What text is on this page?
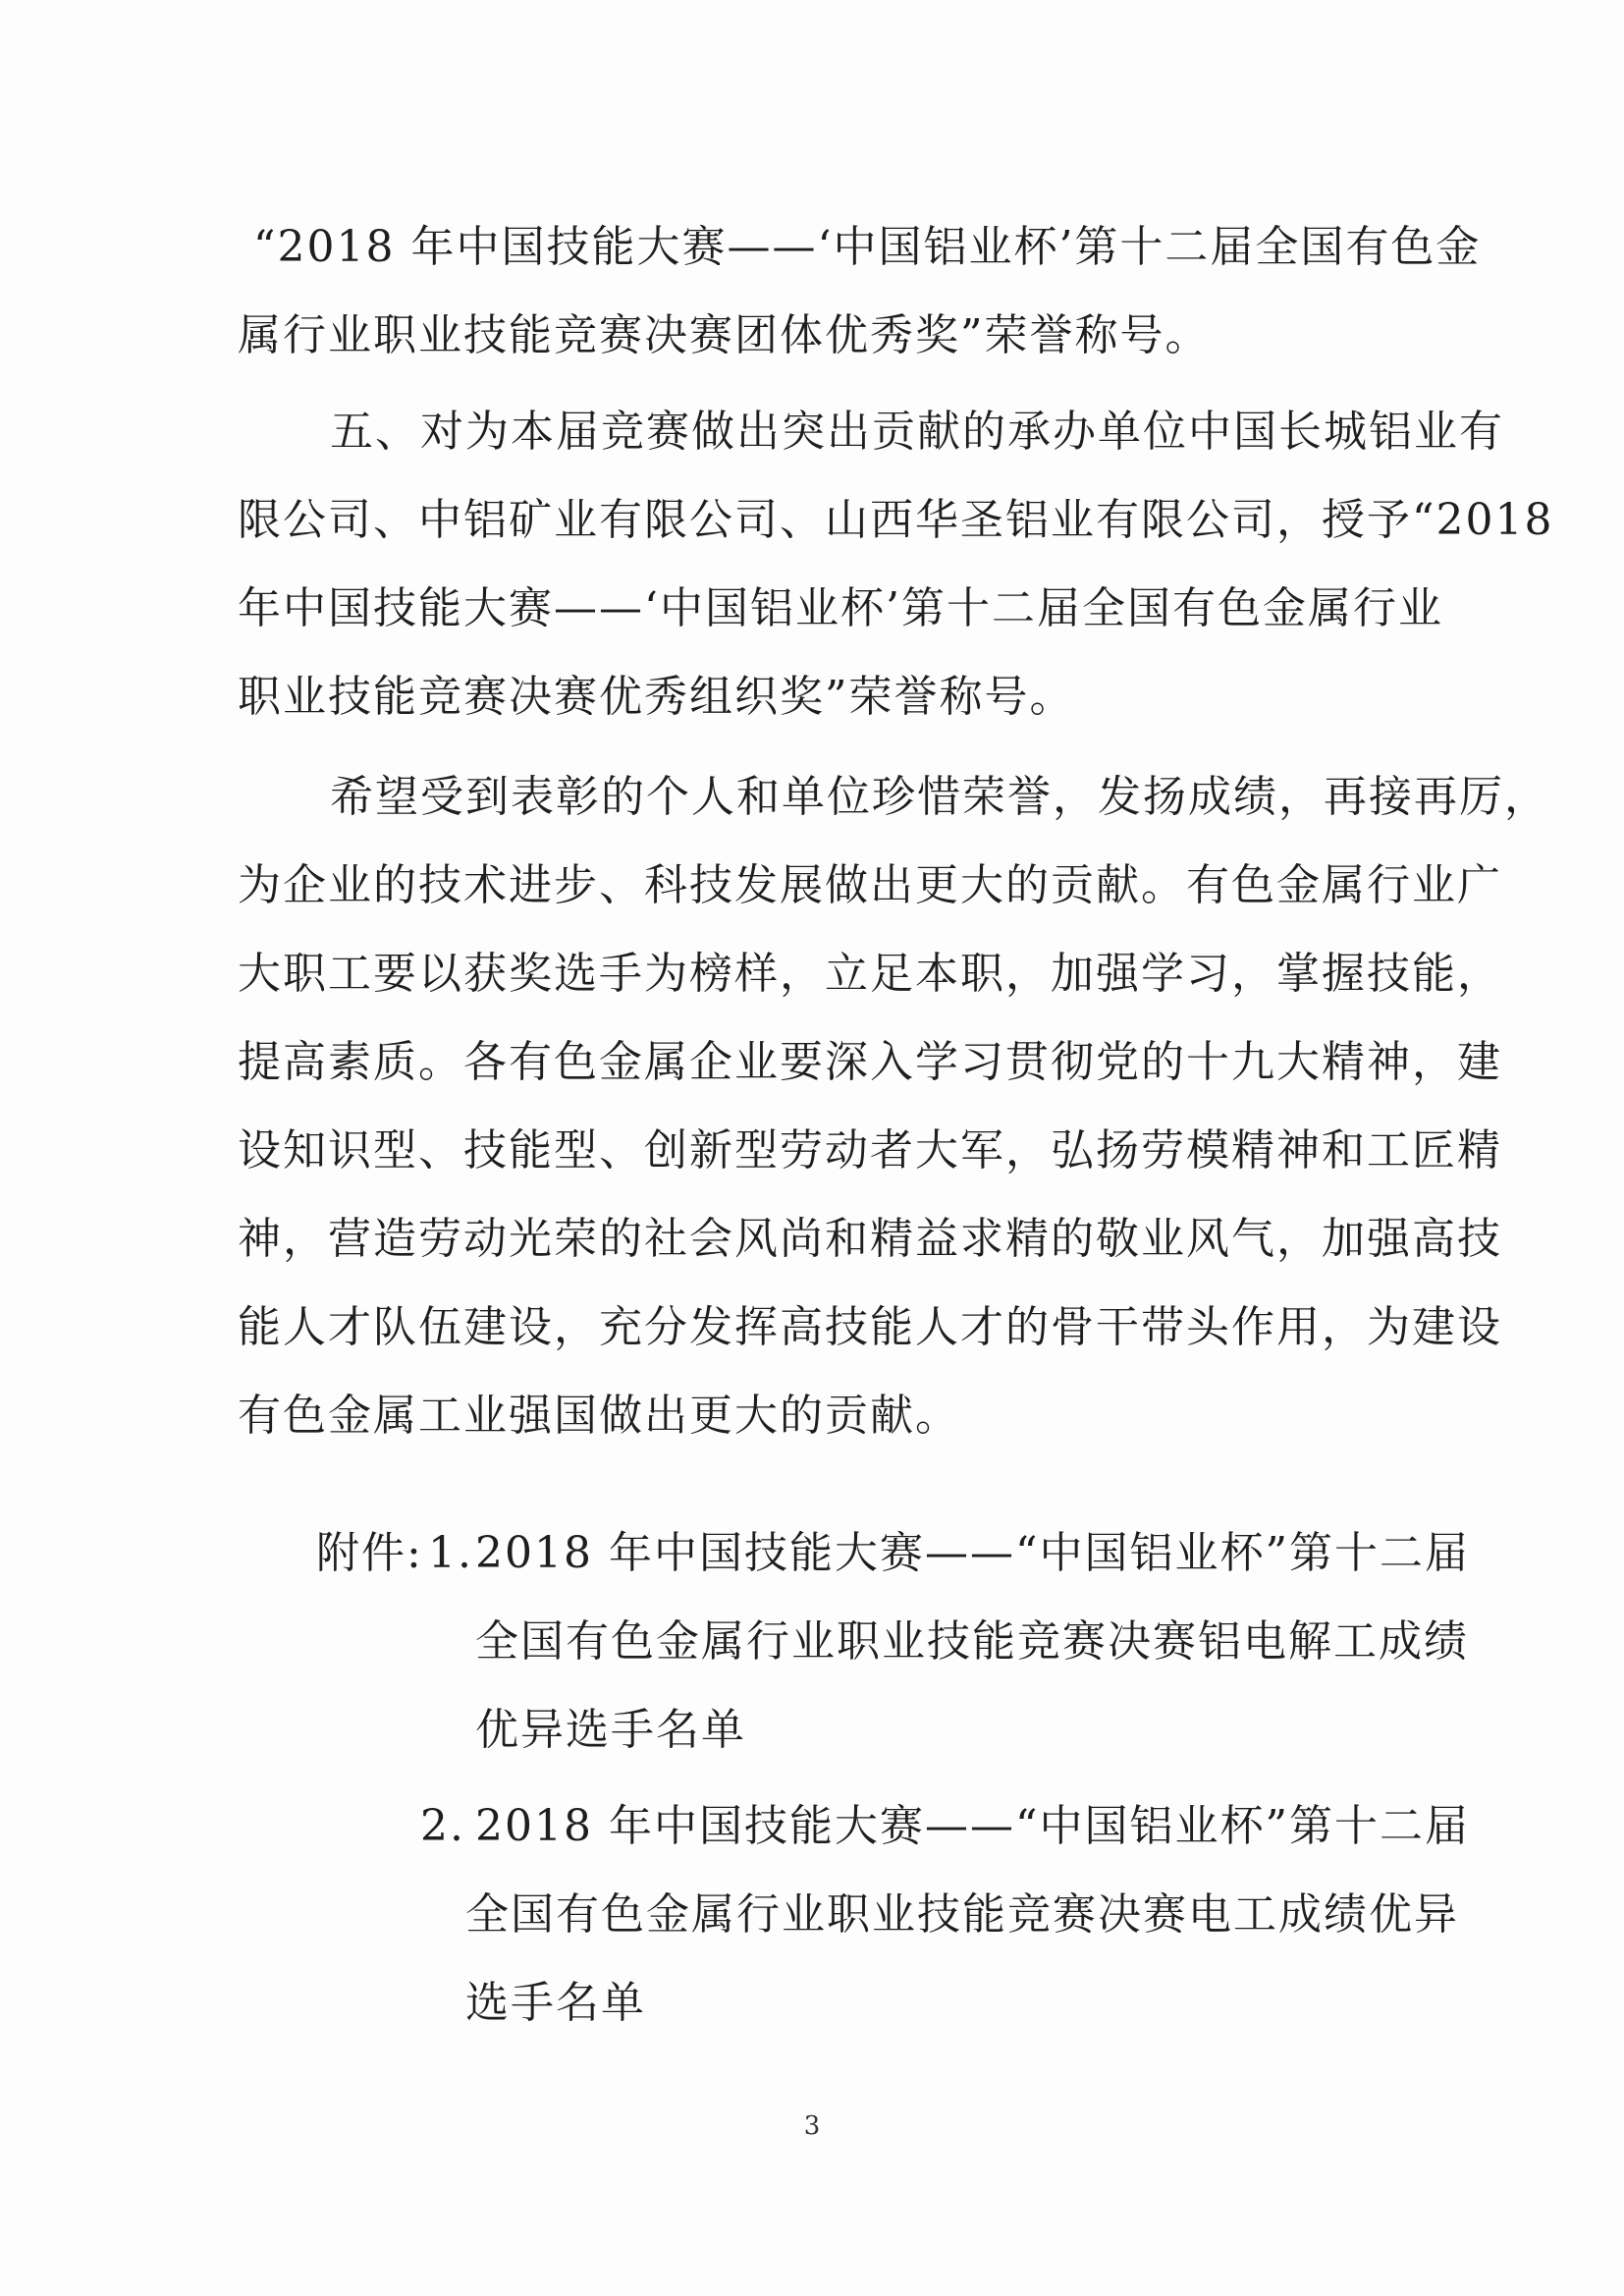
“2018 年中国技能大赛——‘中国铝业杯’第十二届全国有色金
属行业职业技能竞赛决赛团体优秀奖”荣誉称号。
五、对为本届竞赛做出突出贡献的承办单位中国长城铝业有
限公司、中铝矿业有限公司、山西华圣铝业有限公司，授予“2018
年中国技能大赛——‘中国铝业杯’第十二届全国有色金属行业
职业技能竞赛决赛优秀组织奖”荣誉称号。
希望受到表彰的个人和单位珍惜荣誉，发扬成绩，再接再厉，
为企业的技术进步、科技发展做出更大的贡献。有色金属行业广
大职工要以获奖选手为榜样，立足本职，加强学习，掌握技能，
提高素质。各有色金属企业要深入学习贯彻党的十九大精神，建
设知识型、技能型、创新型劳动者大军，弘扬劳模精神和工匠精
神，营造劳动光荣的社会风尚和精益求精的敬业风气，加强高技
能人才队伍建设，充分发挥高技能人才的骨干带头作用，为建设
有色金属工业强国做出更大的贡献。
附件: 1. 2018 年中国技能大赛——“中国铝业杯”第十二届
全国有色金属行业职业技能竞赛决赛铝电解工成绩
优异选手名单
2. 2018 年中国技能大赛——“中国铝业杯”第十二届
全国有色金属行业职业技能竞赛决赛电工成绩优异
选手名单
3
